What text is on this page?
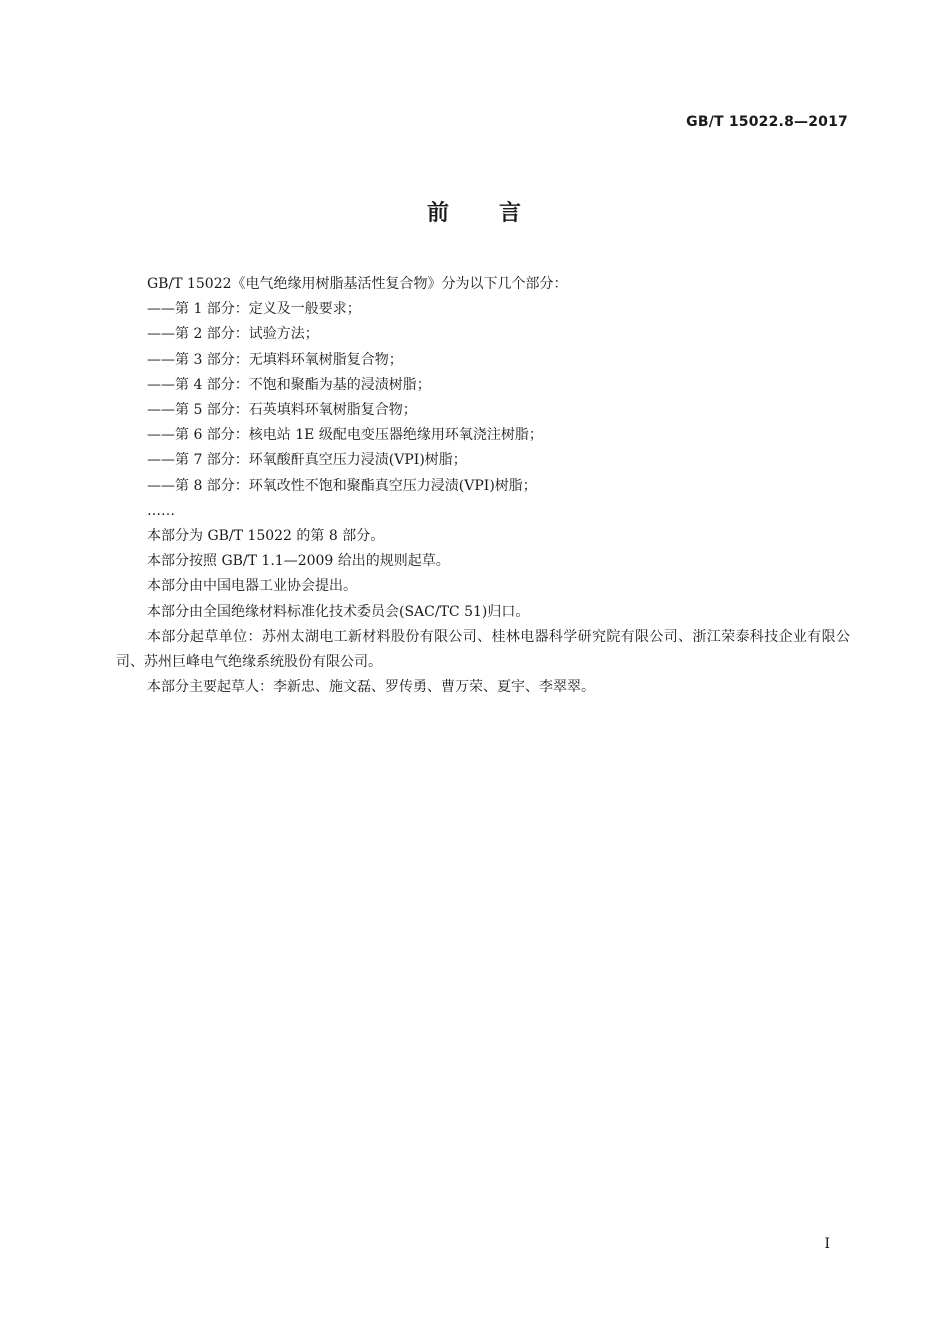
GB/T 15022.8—2017
前 言

GB/T 15022《电气绝缘用树脂基活性复合物》分为以下几个部分：

——第 1 部分：定义及一般要求；

——第 2 部分：试验方法；

——第 3 部分：无填料环氧树脂复合物；

——第 4 部分：不饱和聚酯为基的浸渍树脂；

——第 5 部分：石英填料环氧树脂复合物；

——第 6 部分：核电站 1E 级配电变压器绝缘用环氧浇注树脂；

——第 7 部分：环氧酸酐真空压力浸渍(VPI)树脂；

——第 8 部分：环氧改性不饱和聚酯真空压力浸渍(VPI)树脂；

……

本部分为 GB/T 15022 的第 8 部分。

本部分按照 GB/T 1.1—2009 给出的规则起草。

本部分由中国电器工业协会提出。

本部分由全国绝缘材料标准化技术委员会(SAC/TC 51)归口。

本部分起草单位：苏州太湖电工新材料股份有限公司、桂林电器科学研究院有限公司、浙江荣泰科技企业有限公司、苏州巨峰电气绝缘系统股份有限公司。

本部分主要起草人：李新忠、施文磊、罗传勇、曹万荣、夏宇、李翠翠。

I
